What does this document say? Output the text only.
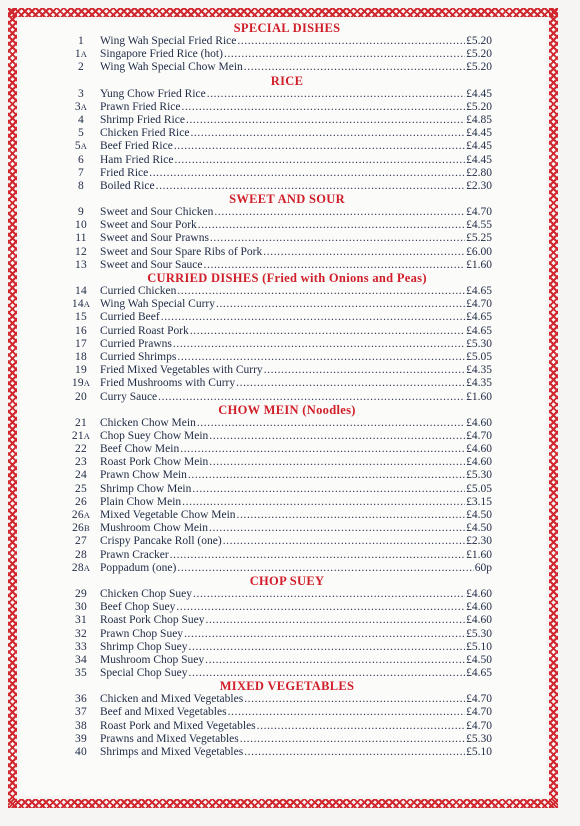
SPECIAL DISHES
1	Wing Wah Special Fried Rice .....	£5.20
1A	Singapore Fried Rice (hot) .....	£5.20
2	Wing Wah Special Chow Mein .....	£5.20
RICE
3	Yung Chow Fried Rice .....	£4.45
3A	Prawn Fried Rice .....	£5.20
4	Shrimp Fried Rice .....	£4.85
5	Chicken Fried Rice .....	£4.45
5A	Beef Fried Rice .....	£4.45
6	Ham Fried Rice .....	£4.45
7	Fried Rice .....	£2.80
8	Boiled Rice .....	£2.30
SWEET AND SOUR
9	Sweet and Sour Chicken .....	£4.70
10	Sweet and Sour Pork .....	£4.55
11	Sweet and Sour Prawns .....	£5.25
12	Sweet and Sour Spare Ribs of Pork .....	£6.00
13	Sweet and Sour Sauce .....	£1.60
CURRIED DISHES (Fried with Onions and Peas)
14	Curried Chicken .....	£4.65
14A Wing Wah Special Curry .....	£4.70
15	Curried Beef .....	£4.65
16	Curried Roast Pork .....	£4.65
17	Curried Prawns .....	£5.30
18	Curried Shrimps .....	£5.05
19	Fried Mixed Vegetables with Curry .....	£4.35
19A Fried Mushrooms with Curry .....	£4.35
20	Curry Sauce .....	£1.60
CHOW MEIN (Noodles)
21	Chicken Chow Mein .....	£4.60
21A Chop Suey Chow Mein .....	£4.70
22	Beef Chow Mein .....	£4.60
23	Roast Pork Chow Mein .....	£4.60
24	Prawn Chow Mein .....	£5.30
25	Shrimp Chow Mein .....	£5.05
26	Plain Chow Mein .....	£3.15
26A Mixed Vegetable Chow Mein .....	£4.50
26B Mushroom Chow Mein .....	£4.50
27	Crispy Pancake Roll (one) .....	£2.30
28	Prawn Cracker .....	£1.60
28A Poppadum (one) .....	60p
CHOP SUEY
29	Chicken Chop Suey .....	£4.60
30	Beef Chop Suey .....	£4.60
31	Roast Pork Chop Suey .....	£4.60
32	Prawn Chop Suey .....	£5.30
33	Shrimp Chop Suey .....	£5.10
34	Mushroom Chop Suey .....	£4.50
35	Special Chop Suey .....	£4.65
MIXED VEGETABLES
36	Chicken and Mixed Vegetables .....	£4.70
37	Beef and Mixed Vegetables .....	£4.70
38	Roast Pork and Mixed Vegetables .....	£4.70
39	Prawns and Mixed Vegetables .....	£5.30
40	Shrimps and Mixed Vegetables .....	£5.10
